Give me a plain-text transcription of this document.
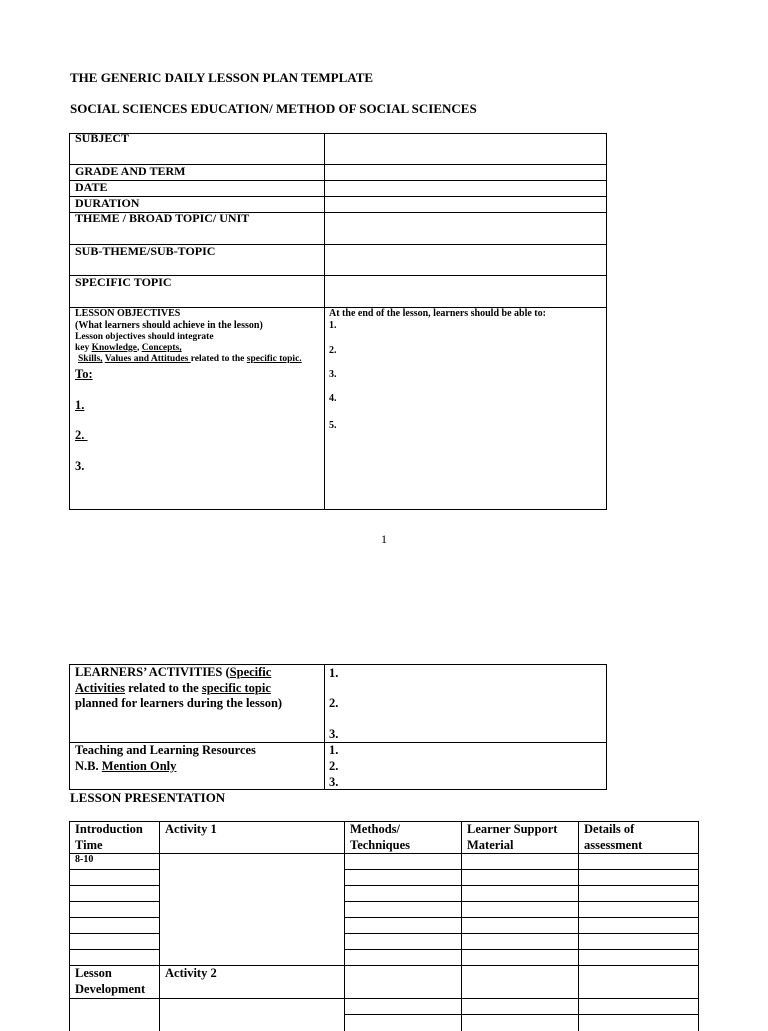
THE GENERIC DAILY LESSON PLAN TEMPLATE
SOCIAL SCIENCES EDUCATION/ METHOD OF SOCIAL SCIENCES
SUBJECT
GRADE AND TERM
DATE
DURATION
THEME / BROAD TOPIC/ UNIT
SUB-THEME/SUB-TOPIC
SPECIFIC TOPIC
LESSON OBJECTIVES
(What learners should achieve in the lesson)
Lesson objectives should integrate
key Knowledge, Concepts,
Skills, Values and Attitudes related to the specific topic.
To:
1.
2.
3.
At the end of the lesson, learners should be able to:
1.
2.
3.
4.
5.
1
LEARNERS’ ACTIVITIES (Specific
Activities related to the specific topic
planned for learners during the lesson)
1.
2.
3.
Teaching and Learning Resources
N.B. Mention Only
1.
2.
3.
LESSON PRESENTATION
Introduction
Time
Activity 1	Methods/
Techniques
Learner Support
Material
Details of
assessment
8-10
Lesson
Development
Activity 2
